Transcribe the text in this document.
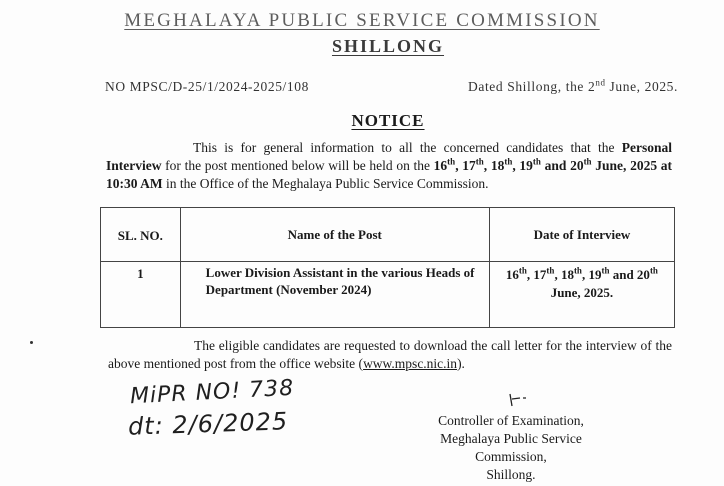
MEGHALAYA PUBLIC SERVICE COMMISSION
SHILLONG
NO MPSC/D-25/1/2024-2025/108	Dated Shillong, the 2nd June, 2025.
NOTICE
This is for general information to all the concerned candidates that the Personal Interview for the post mentioned below will be held on the 16th, 17th, 18th, 19th and 20th June, 2025 at 10:30 AM in the Office of the Meghalaya Public Service Commission.
SL. NO.	Name of the Post	Date of Interview
1	Lower Division Assistant in the various Heads of Department (November 2024)	16th, 17th, 18th, 19th and 20th
June, 2025.
The eligible candidates are requested to download the call letter for the interview of the above mentioned post from the office website (www.mpsc.nic.in).
MiPR NO! 738
dt: 2/6/2025	Controller of Examination,
Meghalaya Public Service Commission,
Shillong.
